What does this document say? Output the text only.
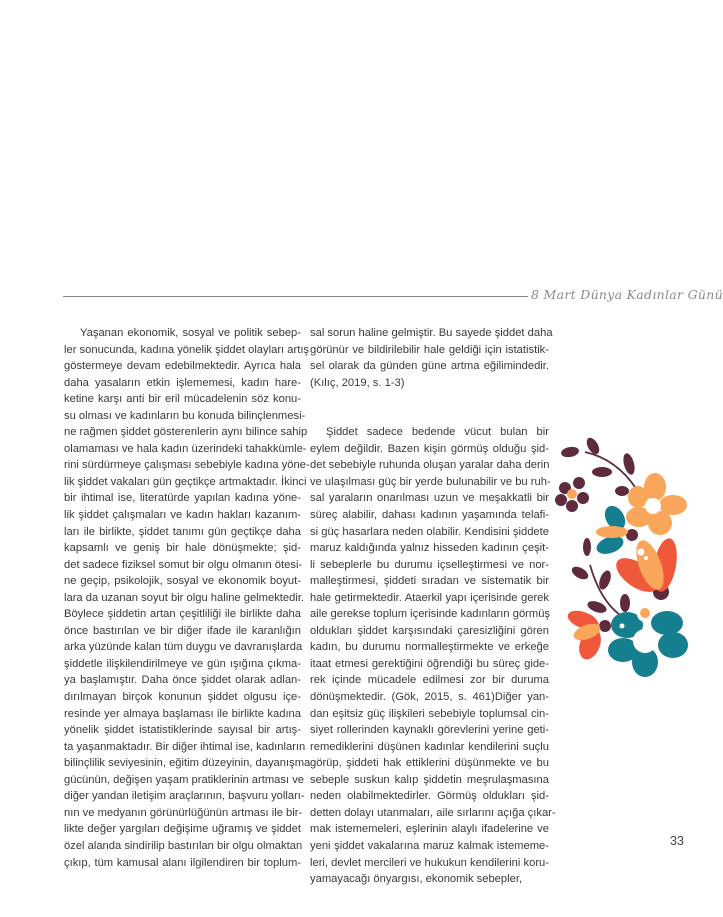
8 Mart Dünya Kadınlar Günü
Yaşanan ekonomik, sosyal ve politik sebep-
ler sonucunda, kadına yönelik şiddet olayları artış
göstermeye devam edebilmektedir. Ayrıca hala
daha yasaların etkin işlememesi, kadın hare-
ketine karşı anti bir eril mücadelenin söz konu-
su olması ve kadınların bu konuda bilinçlenmesi-
ne rağmen şiddet gösterenlerin aynı bilince sahip
olamaması ve hala kadın üzerindeki tahakkümle-
rini sürdürmeye çalışması sebebiyle kadına yöne-
lik şiddet vakaları gün geçtikçe artmaktadır. İkinci
bir ihtimal ise, literatürde yapılan kadına yöne-
lik şiddet çalışmaları ve kadın hakları kazanım-
ları ile birlikte, şiddet tanımı gün geçtikçe daha
kapsamlı ve geniş bir hale dönüşmekte; şid-
det sadece fiziksel somut bir olgu olmanın ötesi-
ne geçip, psikolojik, sosyal ve ekonomik boyut-
lara da uzanan soyut bir olgu haline gelmektedir.
Böylece şiddetin artan çeşitliliği ile birlikte daha
önce bastırılan ve bir diğer ifade ile karanlığın
arka yüzünde kalan tüm duygu ve davranışlarda
şiddetle ilişkilendirilmeye ve gün ışığına çıkma-
ya başlamıştır. Daha önce şiddet olarak adlan-
dırılmayan birçok konunun şiddet olgusu içe-
resinde yer almaya başlaması ile birlikte kadına
yönelik şiddet istatistiklerinde sayısal bir artış-
ta yaşanmaktadır. Bir diğer ihtimal ise, kadınların
bilinçlilik seviyesinin, eğitim düzeyinin, dayanışma
gücünün, değişen yaşam pratiklerinin artması ve
diğer yandan iletişim araçlarının, başvuru yolları-
nın ve medyanın görünürlüğünün artması ile bir-
likte değer yargıları değişime uğramış ve şiddet
özel alanda sindirilip bastırılan bir olgu olmaktan
çıkıp, tüm kamusal alanı ilgilendiren bir toplum-
sal sorun haline gelmiştir. Bu sayede şiddet daha
görünür ve bildirilebilir hale geldiği için istatistik-
sel olarak da günden güne artma eğilimindedir.
(Kılıç, 2019, s. 1-3)
Şiddet sadece bedende vücut bulan bir
eylem değildir. Bazen kişin görmüş olduğu şid-
det sebebiyle ruhunda oluşan yaralar daha derin
ve ulaşılması güç bir yerde bulunabilir ve bu ruh-
sal yaraların onarılması uzun ve meşakkatli bir
süreç alabilir, dahası kadının yaşamında telafi-
si güç hasarlara neden olabilir. Kendisini şiddete
maruz kaldığında yalnız hisseden kadının çeşit-
li sebeplerle bu durumu içselleştirmesi ve nor-
malleştirmesi, şiddeti sıradan ve sistematik bir
hale getirmektedir. Ataerkil yapı içerisinde gerek
aile gerekse toplum içerisinde kadınların görmüş
oldukları şiddet karşısındaki çaresizliğini gören
kadın, bu durumu normalleştirmekte ve erkeğe
itaat etmesi gerektiğini öğrendiği bu süreç gide-
rek içinde mücadele edilmesi zor bir duruma
dönüşmektedir. (Gök, 2015, s. 461)Diğer yan-
dan eşitsiz güç ilişkileri sebebiyle toplumsal cin-
siyet rollerinden kaynaklı görevlerini yerine geti-
remediklerini düşünen kadınlar kendilerini suçlu
görüp, şiddeti hak ettiklerini düşünmekte ve bu
sebeple suskun kalıp şiddetin meşrulaşmasına
neden olabilmektedirler. Görmüş oldukları şid-
detten dolayı utanmaları, aile sırlarını açığa çıkar-
mak istememeleri, eşlerinin alaylı ifadelerine ve
yeni şiddet vakalarına maruz kalmak istememe-
leri, devlet mercileri ve hukukun kendilerini koru-
yamayacağı önyargısı, ekonomik sebepler,
33
